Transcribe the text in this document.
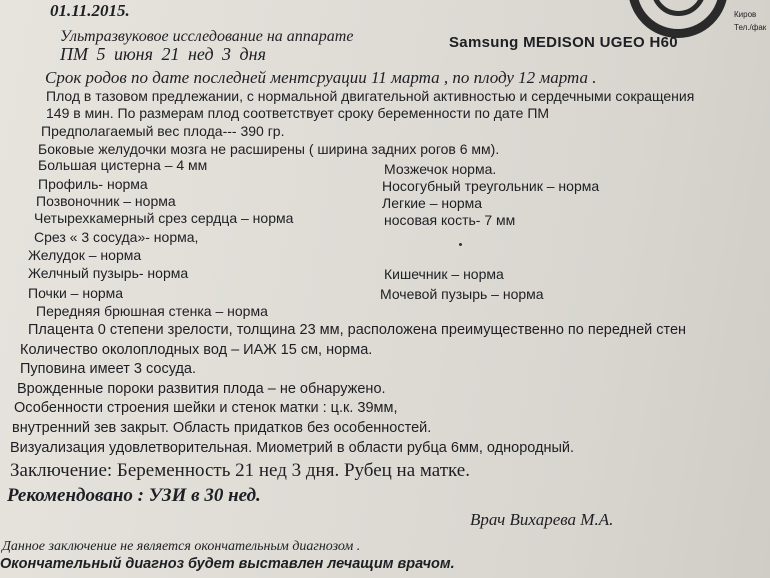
Киров
Тел./фак
01.11.2015.
Ультразвуковое исследование на аппарате	Samsung MEDISON UGEO H60
ПМ 5 июня 21 нед 3 дня
Срок родов по дате последней ментсруации 11 марта , по плоду 12 марта .
Плод в тазовом предлежании, с нормальной двигательной активностью и сердечными сокращения
149 в мин. По размерам плод соответствует сроку беременности по дате ПМ
Предполагаемый вес плода--- 390 гр.
Боковые желудочки мозга не расширены ( ширина задних рогов 6 мм).
Большая цистерна – 4 мм
Профиль- норма
Позвоночник – норма
Четырехкамерный срез сердца – норма
Срез « 3 сосуда»- норма,
Желудок – норма
Желчный пузырь- норма
Почки – норма
Передняя брюшная стенка – норма
Мозжечок норма.
Носогубный треугольник – норма
Легкие – норма
носовая кость- 7 мм
Кишечник – норма
Мочевой пузырь – норма
Плацента 0 степени зрелости, толщина 23 мм, расположена преимущественно по передней стен
Количество околоплодных вод – ИАЖ 15 см, норма.
Пуповина имеет 3 сосуда.
Врожденные пороки развития плода – не обнаружено.
Особенности строения шейки и стенок матки : ц.к. 39мм,
внутренний зев закрыт. Область придатков без особенностей.
Визуализация удовлетворительная. Миометрий в области рубца 6мм, однородный.
Заключение: Беременность 21 нед 3 дня. Рубец на матке.
Рекомендовано : УЗИ в 30 нед.
Врач Вихарева М.А.
Данное заключение не является окончательным диагнозом .
Окончательный диагноз будет выставлен лечащим врачом.
